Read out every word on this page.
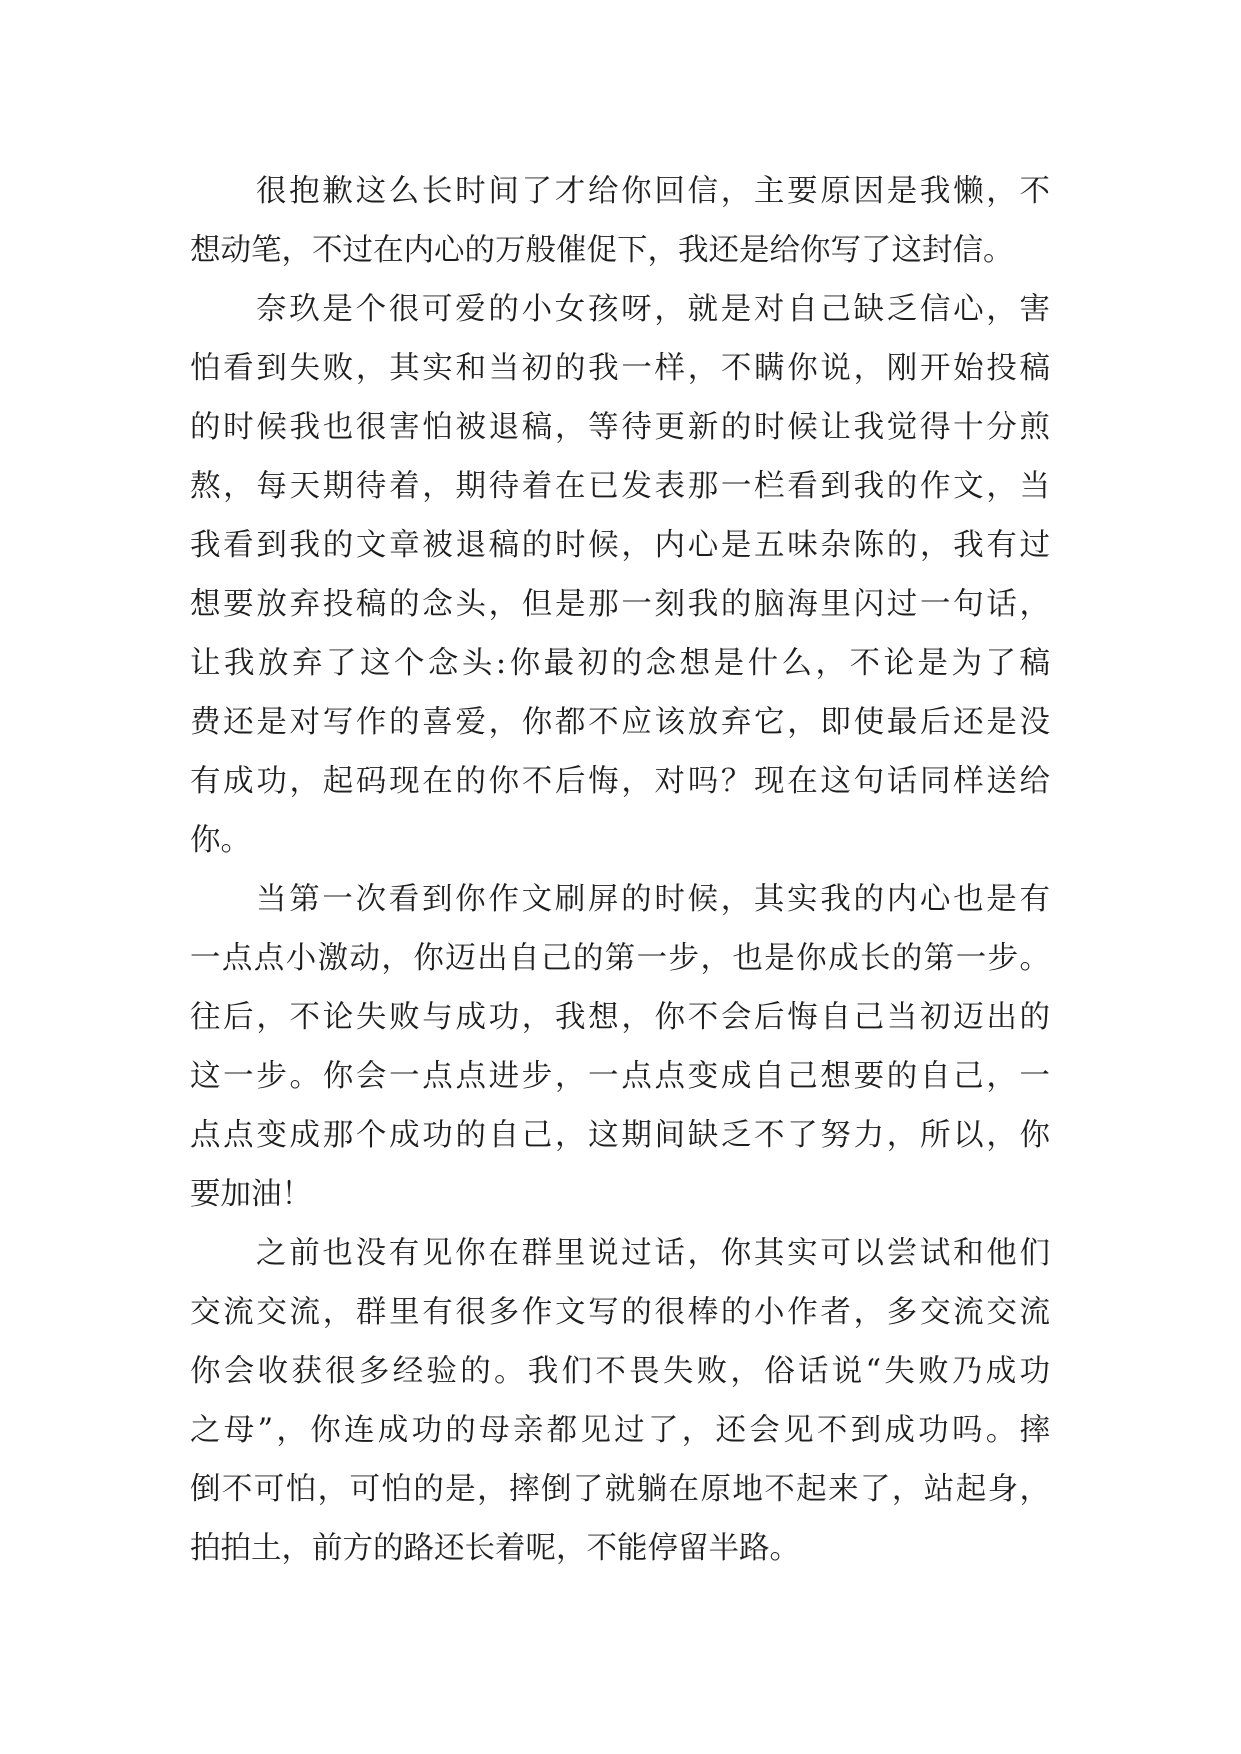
很抱歉这么长时间了才给你回信，主要原因是我懒，不
想动笔，不过在内心的万般催促下，我还是给你写了这封信。
奈玖是个很可爱的小女孩呀，就是对自己缺乏信心，害
怕看到失败，其实和当初的我一样，不瞒你说，刚开始投稿
的时候我也很害怕被退稿，等待更新的时候让我觉得十分煎
熬，每天期待着，期待着在已发表那一栏看到我的作文，当
我看到我的文章被退稿的时候，内心是五味杂陈的，我有过
想要放弃投稿的念头，但是那一刻我的脑海里闪过一句话，
让我放弃了这个念头:你最初的念想是什么，不论是为了稿
费还是对写作的喜爱，你都不应该放弃它，即使最后还是没
有成功，起码现在的你不后悔，对吗？现在这句话同样送给
你。
当第一次看到你作文刷屏的时候，其实我的内心也是有
一点点小激动，你迈出自己的第一步，也是你成长的第一步。
往后，不论失败与成功，我想，你不会后悔自己当初迈出的
这一步。你会一点点进步，一点点变成自己想要的自己，一
点点变成那个成功的自己，这期间缺乏不了努力，所以，你
要加油！
之前也没有见你在群里说过话，你其实可以尝试和他们
交流交流，群里有很多作文写的很棒的小作者，多交流交流
你会收获很多经验的。我们不畏失败，俗话说“失败乃成功
之母”，你连成功的母亲都见过了，还会见不到成功吗。摔
倒不可怕，可怕的是，摔倒了就躺在原地不起来了，站起身，
拍拍土，前方的路还长着呢，不能停留半路。
